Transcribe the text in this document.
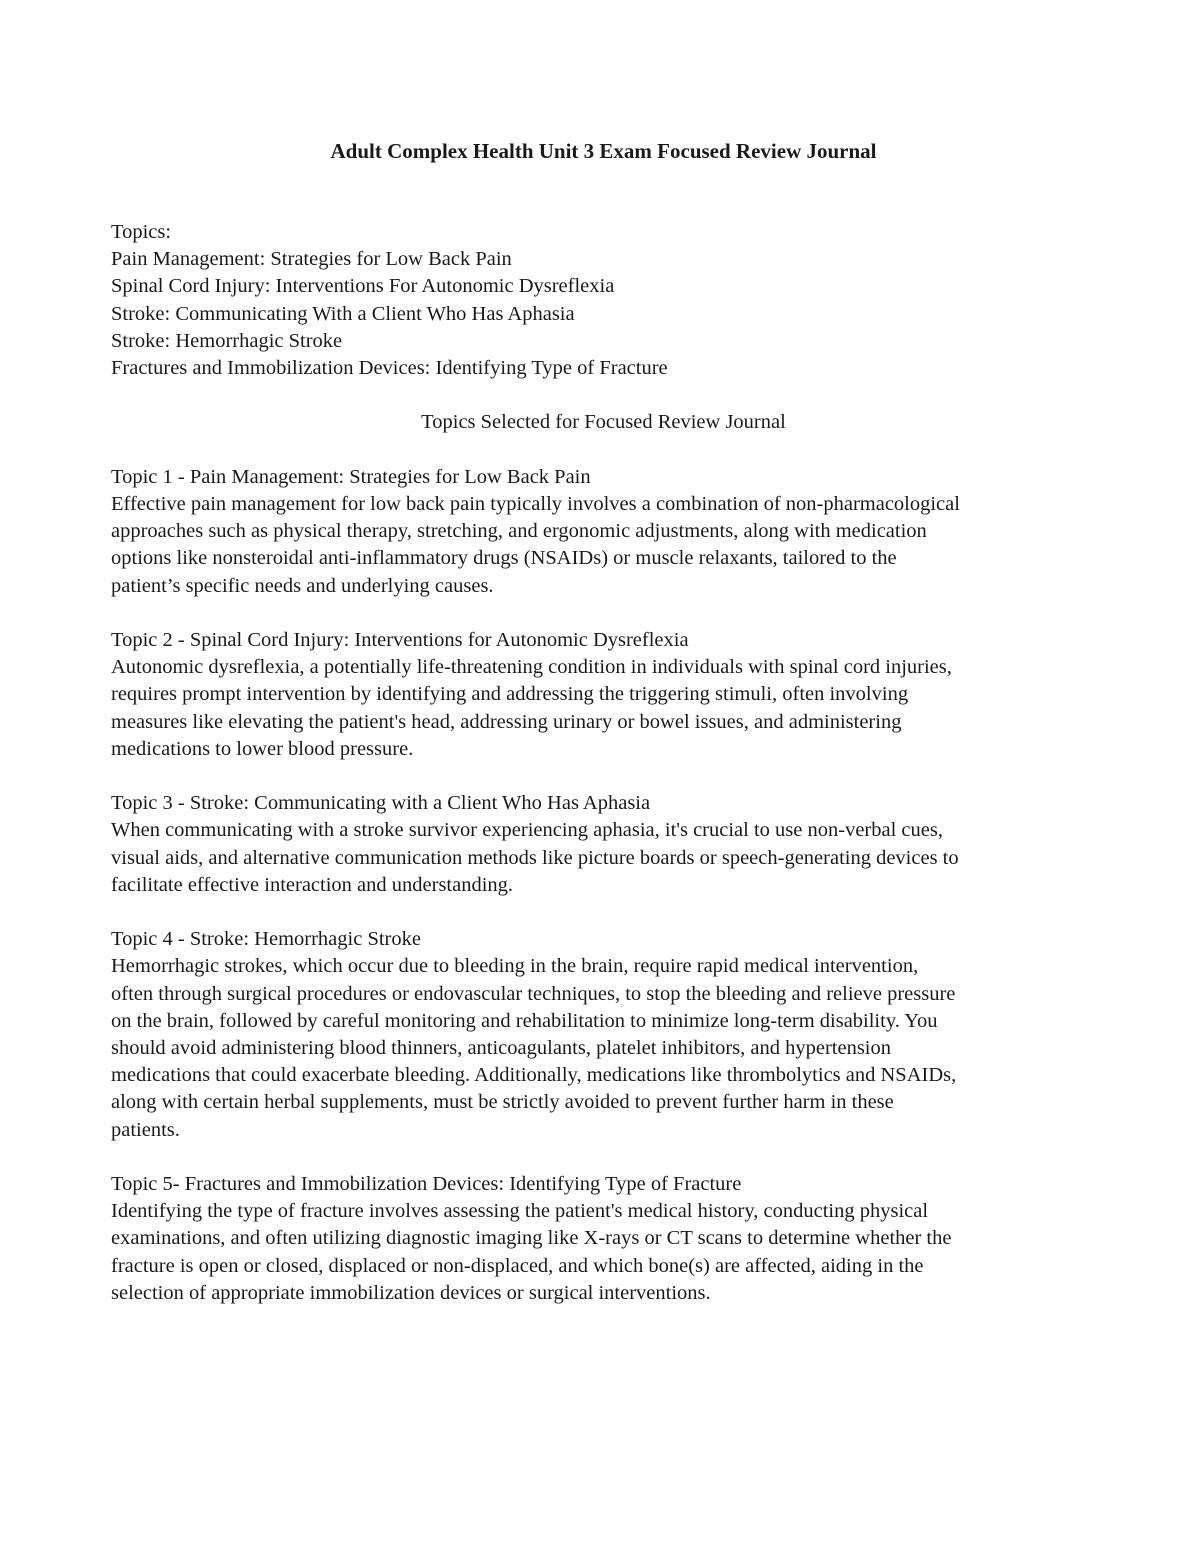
Adult Complex Health Unit 3 Exam Focused Review Journal

Topics:

Pain Management: Strategies for Low Back Pain

Spinal Cord Injury: Interventions For Autonomic Dysreflexia

Stroke: Communicating With a Client Who Has Aphasia

Stroke: Hemorrhagic Stroke

Fractures and Immobilization Devices: Identifying Type of Fracture

Topics Selected for Focused Review Journal

Topic 1 - Pain Management: Strategies for Low Back Pain

Effective pain management for low back pain typically involves a combination of non-pharmacological

approaches such as physical therapy, stretching, and ergonomic adjustments, along with medication

options like nonsteroidal anti-inflammatory drugs (NSAIDs) or muscle relaxants, tailored to the

patient’s specific needs and underlying causes.

Topic 2 - Spinal Cord Injury: Interventions for Autonomic Dysreflexia

Autonomic dysreflexia, a potentially life-threatening condition in individuals with spinal cord injuries,

requires prompt intervention by identifying and addressing the triggering stimuli, often involving

measures like elevating the patient's head, addressing urinary or bowel issues, and administering

medications to lower blood pressure.

Topic 3 - Stroke: Communicating with a Client Who Has Aphasia

When communicating with a stroke survivor experiencing aphasia, it's crucial to use non-verbal cues,

visual aids, and alternative communication methods like picture boards or speech-generating devices to

facilitate effective interaction and understanding.

Topic 4 - Stroke: Hemorrhagic Stroke

Hemorrhagic strokes, which occur due to bleeding in the brain, require rapid medical intervention,

often through surgical procedures or endovascular techniques, to stop the bleeding and relieve pressure

on the brain, followed by careful monitoring and rehabilitation to minimize long-term disability. You

should avoid administering blood thinners, anticoagulants, platelet inhibitors, and hypertension

medications that could exacerbate bleeding. Additionally, medications like thrombolytics and NSAIDs,

along with certain herbal supplements, must be strictly avoided to prevent further harm in these

patients.

Topic 5- Fractures and Immobilization Devices: Identifying Type of Fracture

Identifying the type of fracture involves assessing the patient's medical history, conducting physical

examinations, and often utilizing diagnostic imaging like X-rays or CT scans to determine whether the

fracture is open or closed, displaced or non-displaced, and which bone(s) are affected, aiding in the

selection of appropriate immobilization devices or surgical interventions.
